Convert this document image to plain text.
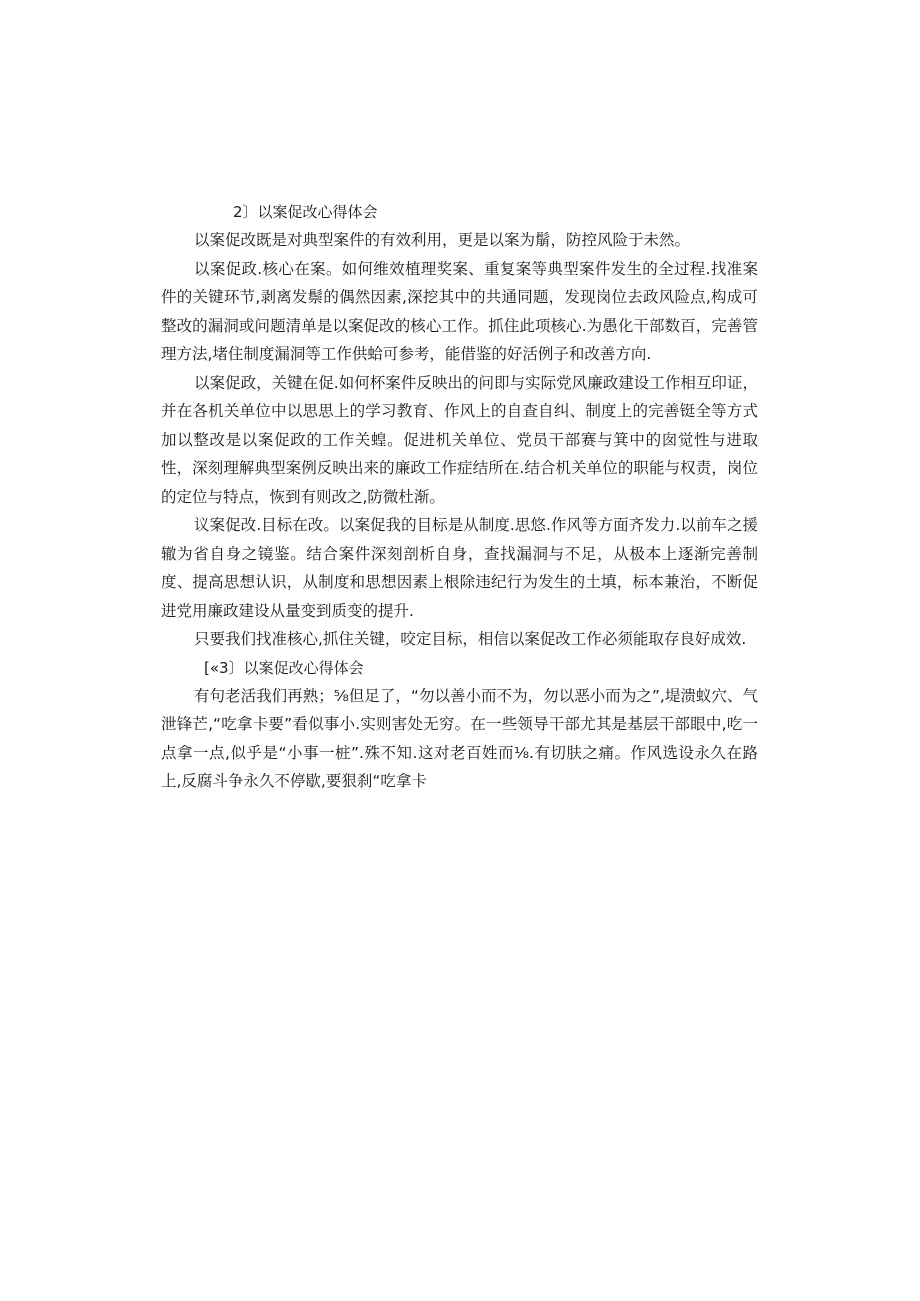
2〕以案促改心得体会

以案促改既是对典型案件的有效利用，更是以案为鬅，防控风险于未然。

以案促政.核心在案。如何维效植理奖案、重复案等典型案件发生的全过程.找准案件的关键环节,剥离发鬃的偶然因素,深挖其中的共通同题，发现岗位去政风险点,构成可整改的漏洞或问题清单是以案促改的核心工作。抓住此项核心.为愚化干部数百，完善管理方法,堵住制度漏洞等工作供蛤可参考，能借鉴的好活例子和改善方向.

以案促政，关键在促.如何杯案件反映出的问即与实际党风廉政建设工作相互印证，并在各机关单位中以思思上的学习教育、作风上的自查自纠、制度上的完善铤全等方式加以整改是以案促政的工作关蝗。促进机关单位、党员干部赛与箕中的囱觉性与进取性，深刻理解典型案例反映出来的廉政工作症结所在.结合机关单位的职能与权责，岗位的定位与特点，恢到有则改之,防微杜渐。

议案促改.目标在改。以案促我的目标是从制度.思悠.作风等方面齐发力.以前车之援辙为省自身之镜鉴。结合案件深刻剖析自身，查找漏洞与不足，从极本上逐渐完善制度、提高思想认识，从制度和思想因素上根除违纪行为发生的土填，标本兼治，不断促进党用廉政建设从量变到质变的提升.

只要我们找准核心,抓住关键，咬定目标，相信以案促改工作必须能取存良好成效.

[«3〕以案促改心得体会

有句老活我们再熟；⅝但足了，“勿以善小而不为，勿以恶小而为之”,堤溃蚁穴、气泄锋芒,“吃拿卡要”看似事小.实则害处无穷。在一些领导干部尤其是基层干部眼中,吃一点拿一点,似乎是“小事一桩”.殊不知.这对老百姓而⅛.有切肤之痛。作风选设永久在路上,反腐斗争永久不停歇,要狠刹“吃拿卡
